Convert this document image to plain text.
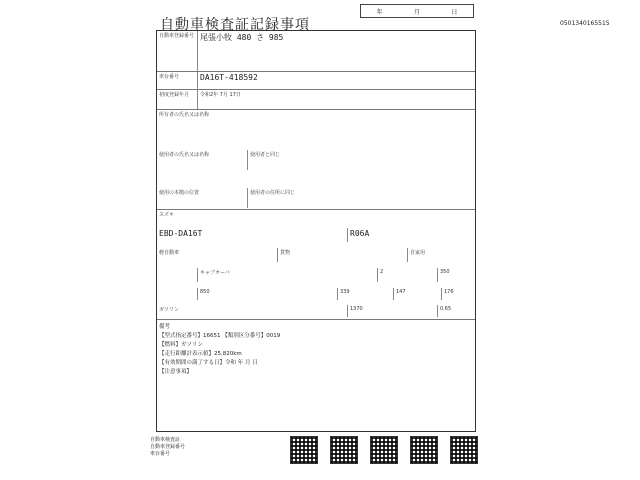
自動車検査証記録事項
年	月	日
0501340165515
自動車登録番号 尾張小牧 480 さ 985
車台番号	DA16T-418592
初度登録年月	令和2年 7月 17日
所有者の氏名又は名称
使用者の氏名又は名称	使用者と同じ
使用の本拠の位置	使用者の住所に同じ
スズキ
EBD-DA16T	R06A
軽自動車	貨物	自家用
キャブオーバ	2	350
850	339	147	176
ガソリン	1370	0.65
備考
【型式指定番号】16651 【類別区分番号】0019
【燃料】ガソリン
【走行距離計表示値】25,820km
【有効期間の満了する日】令和 年 月 日
【注意事項】
自動車検査証
自動車登録番号
車台番号
